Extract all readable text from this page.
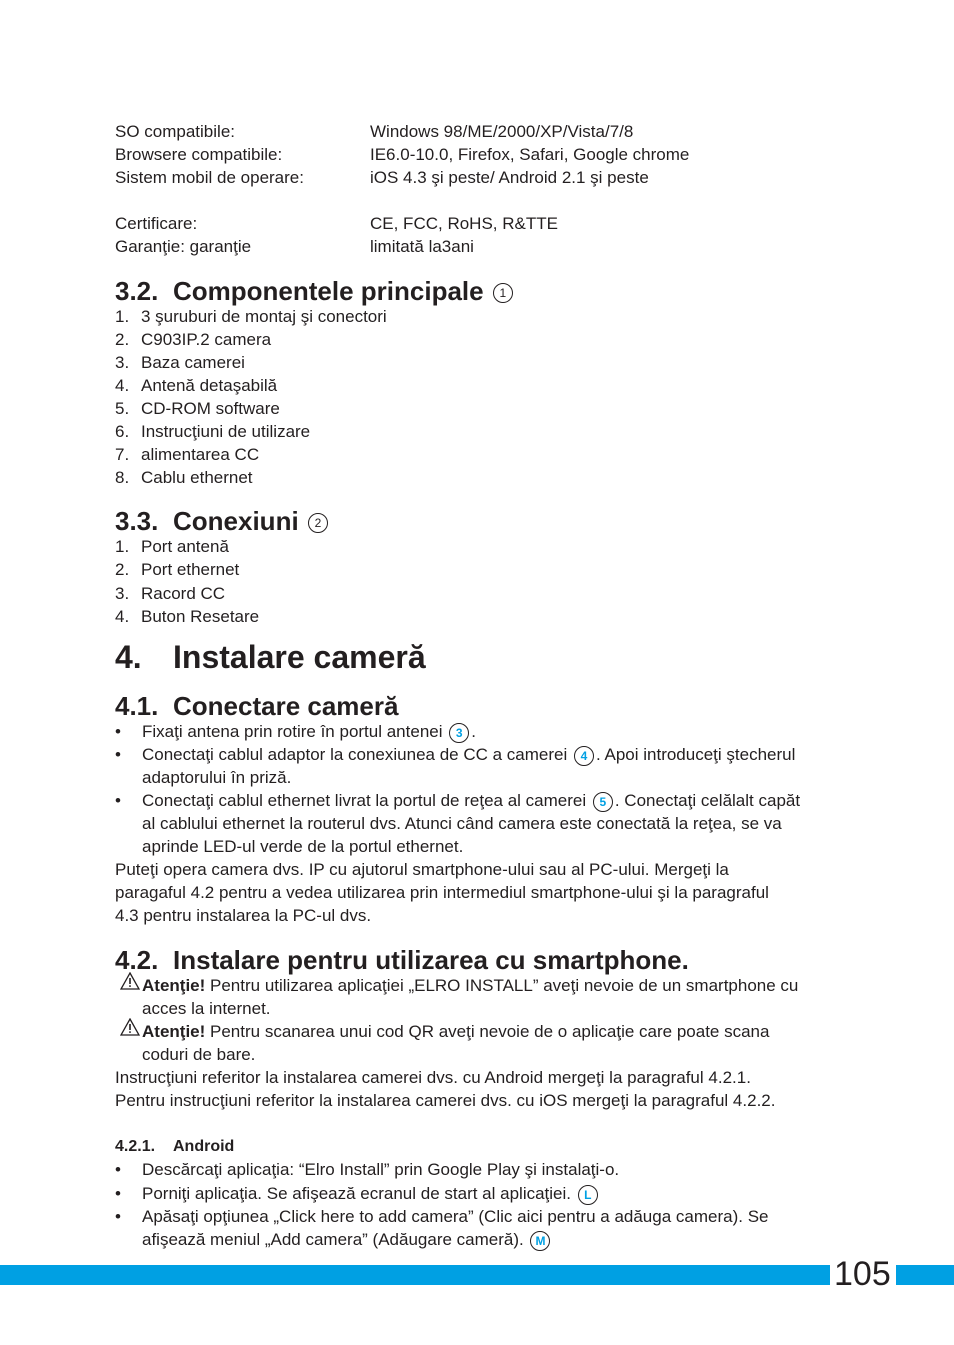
SO compatibile:	Windows 98/ME/2000/XP/Vista/7/8
Browsere compatibile:	IE6.0-10.0, Firefox, Safari, Google chrome
Sistem mobil de operare:	iOS 4.3 şi peste/ Android 2.1 şi peste
Certificare:	CE, FCC, RoHS, R&TTE
Garanţie: garanţie	limitată la3ani
3.2. Componentele principale 1
1. 3 şuruburi de montaj şi conectori
2. C903IP.2 camera
3. Baza camerei
4. Antenă detaşabilă
5. CD-ROM software
6. Instrucţiuni de utilizare
7. alimentarea CC
8. Cablu ethernet
3.3. Conexiuni 2
1. Port antenă
2. Port ethernet
3. Racord CC
4. Buton Resetare
4. Instalare cameră
4.1. Conectare cameră
• Fixaţi antena prin rotire în portul antenei 3 .
• Conectaţi cablul adaptor la conexiunea de CC a camerei 4 . Apoi introduceţi ştecherul
adaptorului în priză.
• Conectaţi cablul ethernet livrat la portul de reţea al camerei 5 . Conectaţi celălalt capăt
al cablului ethernet la routerul dvs. Atunci când camera este conectată la reţea, se va
aprinde LED-ul verde de la portul ethernet.
Puteţi opera camera dvs. IP cu ajutorul smartphone-ului sau al PC-ului. Mergeţi la
paragaful 4.2 pentru a vedea utilizarea prin intermediul smartphone-ului şi la paragraful
4.3 pentru instalarea la PC-ul dvs.
4.2. Instalare pentru utilizarea cu smartphone.
Atenţie! Pentru utilizarea aplicaţiei „ELRO INSTALL” aveţi nevoie de un smartphone cu
acces la internet.
Atenţie! Pentru scanarea unui cod QR aveţi nevoie de o aplicaţie care poate scana
coduri de bare.
Instrucţiuni referitor la instalarea camerei dvs. cu Android mergeţi la paragraful 4.2.1.
Pentru instrucţiuni referitor la instalarea camerei dvs. cu iOS mergeţi la paragraful 4.2.2.
4.2.1. Android
• Descărcaţi aplicaţia: “Elro Install” prin Google Play şi instalaţi-o.
• Porniţi aplicaţia. Se afişează ecranul de start al aplicaţiei. L
• Apăsaţi opţiunea „Click here to add camera” (Clic aici pentru a adăuga camera). Se
afişează meniul „Add camera” (Adăugare cameră). M
105
